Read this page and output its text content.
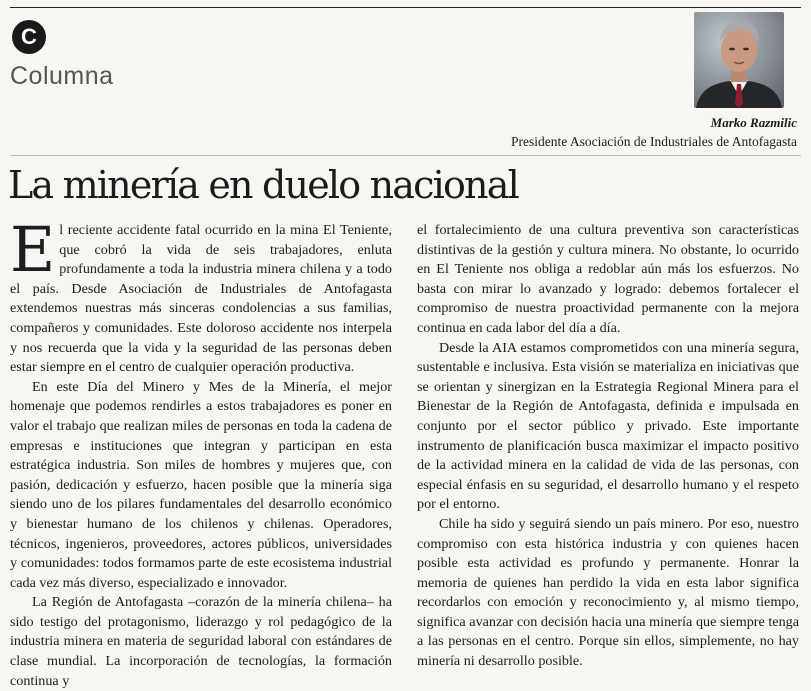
C
Columna
Marko Razmilic
Presidente Asociación de Industriales de Antofagasta
La minería en duelo nacional

El reciente accidente fatal ocurrido en la mina El Teniente, que cobró la vida de seis trabajadores, enluta profundamente a toda la industria minera chilena y a todo el país. Desde Asociación de Industriales de Antofagasta extendemos nuestras más sinceras condolencias a sus familias, compañeros y comunidades. Este doloroso accidente nos interpela y nos recuerda que la vida y la seguridad de las personas deben estar siempre en el centro de cualquier operación productiva.

En este Día del Minero y Mes de la Minería, el mejor homenaje que podemos rendirles a estos trabajadores es poner en valor el trabajo que realizan miles de personas en toda la cadena de empresas e instituciones que integran y participan en esta estratégica industria. Son miles de hombres y mujeres que, con pasión, dedicación y esfuerzo, hacen posible que la minería siga siendo uno de los pilares fundamentales del desarrollo económico y bienestar humano de los chilenos y chilenas. Operadores, técnicos, ingenieros, proveedores, actores públicos, universidades y comunidades: todos formamos parte de este ecosistema industrial cada vez más diverso, especializado e innovador.

La Región de Antofagasta –corazón de la minería chilena– ha sido testigo del protagonismo, liderazgo y rol pedagógico de la industria minera en materia de seguridad laboral con estándares de clase mundial. La incorporación de tecnologías, la formación continua y

el fortalecimiento de una cultura preventiva son características distintivas de la gestión y cultura minera. No obstante, lo ocurrido en El Teniente nos obliga a redoblar aún más los esfuerzos. No basta con mirar lo avanzado y logrado: debemos fortalecer el compromiso de nuestra proactividad permanente con la mejora continua en cada labor del día a día.

Desde la AIA estamos comprometidos con una minería segura, sustentable e inclusiva. Esta visión se materializa en iniciativas que se orientan y sinergizan en la Estrategia Regional Minera para el Bienestar de la Región de Antofagasta, definida e impulsada en conjunto por el sector público y privado. Este importante instrumento de planificación busca maximizar el impacto positivo de la actividad minera en la calidad de vida de las personas, con especial énfasis en su seguridad, el desarrollo humano y el respeto por el entorno.

Chile ha sido y seguirá siendo un país minero. Por eso, nuestro compromiso con esta histórica industria y con quienes hacen posible esta actividad es profundo y permanente. Honrar la memoria de quienes han perdido la vida en esta labor significa recordarlos con emoción y reconocimiento y, al mismo tiempo, significa avanzar con decisión hacia una minería que siempre tenga a las personas en el centro. Porque sin ellos, simplemente, no hay minería ni desarrollo posible.
